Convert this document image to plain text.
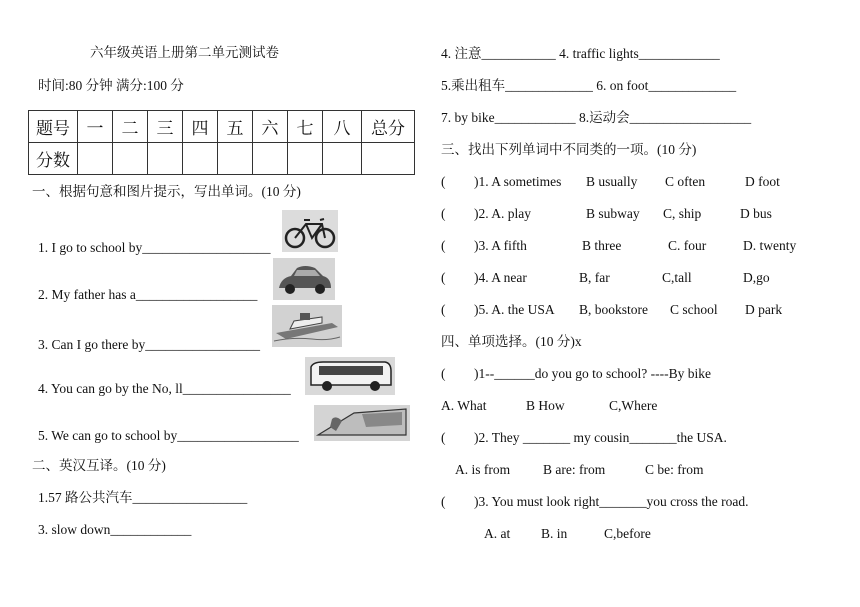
六年级英语上册第二单元测试卷
时间:80 分钟 满分:100 分
题号	一	二	三	四	五	六	七	八	总分
分数									
一、根据句意和图片提示，写出单词。(10 分)
1. I go to school by___________________
2. My father has a__________________
3. Can I go there by_________________
4. You can go by the No, ll________________
5. We can go to school by__________________
二、英汉互译。(10 分)
1.57 路公共汽车_________________
3. slow down____________
4. 注意___________ 4. traffic lights____________
5.乘出租车_____________ 6. on foot_____________
7. by bike____________ 8.运动会__________________
三、找出下列单词中不同类的一项。(10 分)
( )1. A sometimes B usually C often	D foot
( )2. A. play	B subway C, ship	D bus
( )3. A fifth	B three	C. four	D. twenty
( )4. A near	B, far	C,tall	D,go
( )5. A. the USA B, bookstore C school D park
四、单项选择。(10 分)x
( )1--______do you go to school? ----By bike
A. What	B How	C,Where
( )2. They _______ my cousin_______the USA.
A. is from B are: from	C be: from
( )3. You must look right_______you cross the road.
A. at B. in	C,before
